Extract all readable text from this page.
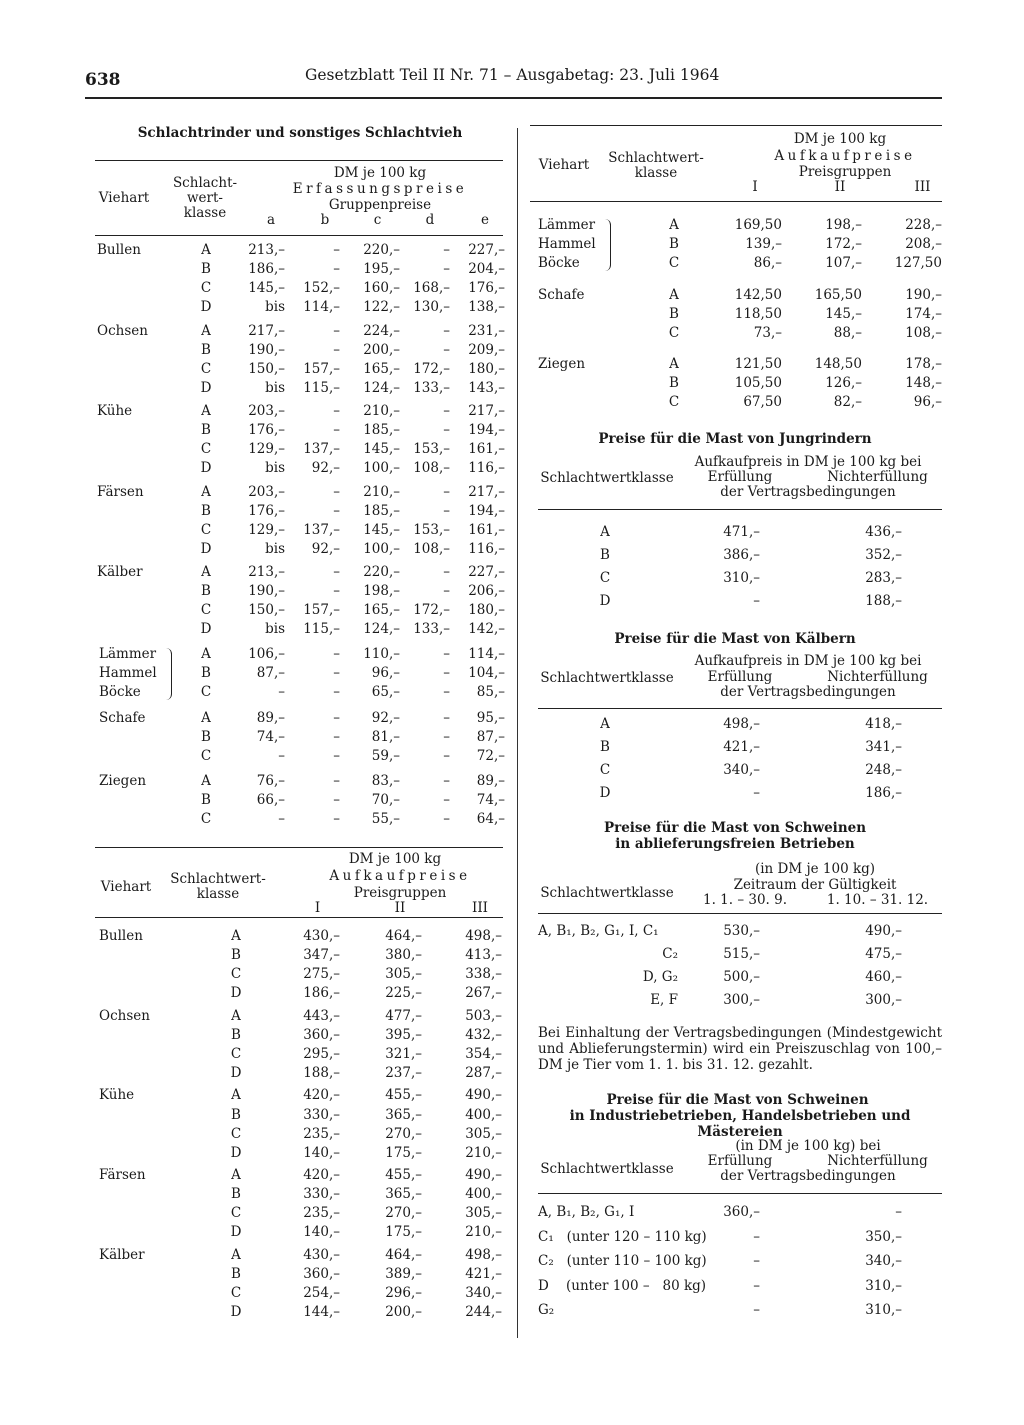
638	Gesetzblatt Teil II Nr. 71 – Ausgabetag: 23. Juli 1964
Schlachtrinder und sonstiges Schlachtvieh
Viehart
Schlacht-
wert-
klasse
DM je 100 kg
Erfassungspreise
Gruppenpreise
a	b	c	d	e
Bullen	A	213,–	–	220,–	–	227,–
B	186,–	–	195,–	–	204,–
C	145,–	152,–	160,– 168,–	176,–
D	bis	114,–	122,– 130,–	138,–
Ochsen	A	217,–	–	224,–	–	231,–
B	190,–	–	200,–	–	209,–
C	150,–	157,–	165,– 172,–	180,–
D	bis	115,–	124,– 133,–	143,–
Kühe	A	203,–	–	210,–	–	217,–
B	176,–	–	185,–	–	194,–
C	129,–	137,–	145,– 153,–	161,–
D	bis	92,–	100,– 108,–	116,–
Färsen	A	203,–	–	210,–	–	217,–
B	176,–	–	185,–	–	194,–
C	129,–	137,–	145,– 153,–	161,–
D	bis	92,–	100,– 108,–	116,–
Kälber	A	213,–	–	220,–	–	227,–
B	190,–	–	198,–	–	206,–
C	150,–	157,–	165,– 172,–	180,–
D	bis	115,–	124,– 133,–	142,–
Lämmer	A	106,–	–	110,–	–	114,–
Hammel	B	87,–	–	96,–	–	104,–
Böcke	C	–	–	65,–	–	85,–
Schafe	A	89,–	–	92,–	–	95,–
B	74,–	–	81,–	–	87,–
C	–	–	59,–	–	72,–
Ziegen	A	76,–	–	83,–	–	89,–
B	66,–	–	70,–	–	74,–
C	–	–	55,–	–	64,–
Viehart	Schlachtwert-
klasse
DM je 100 kg
Aufkaufpreise
Preisgruppen
I	II	III
Bullen	A	430,–	464,–	498,–
B	347,–	380,–	413,–
C	275,–	305,–	338,–
D	186,–	225,–	267,–
Ochsen	A	443,–	477,–	503,–
B	360,–	395,–	432,–
C	295,–	321,–	354,–
D	188,–	237,–	287,–
Kühe	A	420,–	455,–	490,–
B	330,–	365,–	400,–
C	235,–	270,–	305,–
D	140,–	175,–	210,–
Färsen	A	420,–	455,–	490,–
B	330,–	365,–	400,–
C	235,–	270,–	305,–
D	140,–	175,–	210,–
Kälber	A	430,–	464,–	498,–
B	360,–	389,–	421,–
C	254,–	296,–	340,–
D	144,–	200,–	244,–
Viehart	Schlachtwert-
klasse
DM je 100 kg
Aufkaufpreise
Preisgruppen
I	II	III
Lämmer	A	169,50	198,–	228,–
Hammel	B	139,–	172,–	208,–
Böcke	C	86,–	107,–	127,50
Schafe	A	142,50	165,50	190,–
B	118,50	145,–	174,–
C	73,–	88,–	108,–
Ziegen	A	121,50	148,50	178,–
B	105,50	126,–	148,–
C	67,50	82,–	96,–
Preise für die Mast von Jungrindern
Schlachtwertklasse
Aufkaufpreis in DM je 100 kg bei
Erfüllung	Nichterfüllung
der Vertragsbedingungen
A	471,–	436,–
B	386,–	352,–
C	310,–	283,–
D	–	188,–
Preise für die Mast von Kälbern
Schlachtwertklasse
Aufkaufpreis in DM je 100 kg bei
Erfüllung	Nichterfüllung
der Vertragsbedingungen
A	498,–	418,–
B	421,–	341,–
C	340,–	248,–
D	–	186,–
Preise für die Mast von Schweinen
in ablieferungsfreien Betrieben
Schlachtwertklasse
(in DM je 100 kg)
Zeitraum der Gültigkeit
1. 1. – 30. 9.	1. 10. – 31. 12.
A, B₁, B₂, G₁, I, C₁	530,–	490,–
C₂	515,–	475,–
D, G₂	500,–	460,–
E, F	300,–	300,–
Bei Einhaltung der Vertragsbedingungen (Mindestgewicht und Ablieferungstermin) wird ein Preiszuschlag von 100,– DM je Tier vom 1. 1. bis 31. 12. gezahlt.
Preise für die Mast von Schweinen
in Industriebetrieben, Handelsbetrieben und Mästereien
Schlachtwertklasse
(in DM je 100 kg) bei
Erfüllung	Nichterfüllung
der Vertragsbedingungen
A, B₁, B₂, G₁, I	360,–	–
C₁   (unter 120 – 110 kg)	–	350,–
C₂   (unter 110 – 100 kg)	–	340,–
D    (unter 100 –   80 kg)	–	310,–
G₂	–	310,–
